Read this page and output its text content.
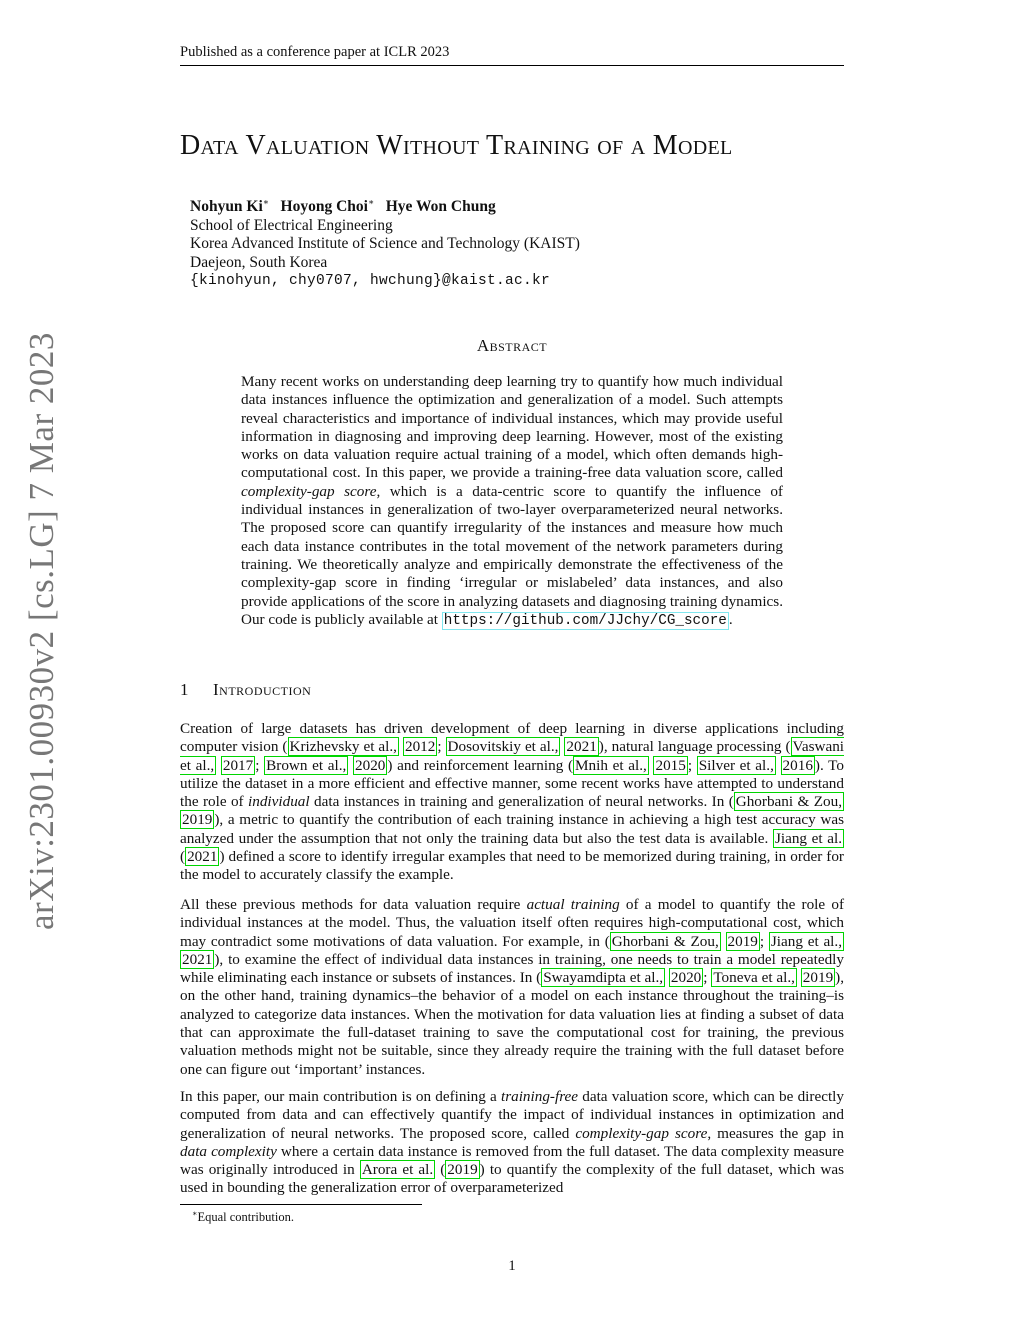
Published as a conference paper at ICLR 2023
arXiv:2301.00930v2 [cs.LG] 7 Mar 2023
Data Valuation Without Training of a Model
Nohyun Ki∗ Hoyong Choi∗ Hye Won Chung
School of Electrical Engineering
Korea Advanced Institute of Science and Technology (KAIST)
Daejeon, South Korea
{kinohyun, chy0707, hwchung}@kaist.ac.kr
Abstract
Many recent works on understanding deep learning try to quantify how much individual data instances influence the optimization and generalization of a model. Such attempts reveal characteristics and importance of individual instances, which may provide useful information in diagnosing and improving deep learning. However, most of the existing works on data valuation require actual training of a model, which often demands high-computational cost. In this paper, we provide a training-free data valuation score, called complexity-gap score, which is a data-centric score to quantify the influence of individual instances in generalization of two-layer overparameterized neural networks. The proposed score can quantify irregularity of the instances and measure how much each data instance contributes in the total movement of the network parameters during training. We theoretically analyze and empirically demonstrate the effectiveness of the complexity-gap score in finding ‘irregular or mislabeled’ data instances, and also provide applications of the score in analyzing datasets and diagnosing training dynamics. Our code is publicly available at https://github.com/JJchy/CG_score .
1 Introduction
Creation of large datasets has driven development of deep learning in diverse applications including computer vision ( Krizhevsky et al., 2012 ; Dosovitskiy et al., 2021 ), natural language processing ( Vaswani et al., 2017 ; Brown et al., 2020 ) and reinforcement learning ( Mnih et al., 2015 ; Silver et al., 2016 ). To utilize the dataset in a more efficient and effective manner, some recent works have attempted to understand the role of individual data instances in training and generalization of neural networks. In ( Ghorbani & Zou, 2019 ), a metric to quantify the contribution of each training instance in achieving a high test accuracy was analyzed under the assumption that not only the training data but also the test data is available. Jiang et al. ( 2021 ) defined a score to identify irregular examples that need to be memorized during training, in order for the model to accurately classify the example.
All these previous methods for data valuation require actual training of a model to quantify the role of individual instances at the model. Thus, the valuation itself often requires high-computational cost, which may contradict some motivations of data valuation. For example, in ( Ghorbani & Zou, 2019 ; Jiang et al., 2021 ), to examine the effect of individual data instances in training, one needs to train a model repeatedly while eliminating each instance or subsets of instances. In ( Swayamdipta et al., 2020 ; Toneva et al., 2019 ), on the other hand, training dynamics–the behavior of a model on each instance throughout the training–is analyzed to categorize data instances. When the motivation for data valuation lies at finding a subset of data that can approximate the full-dataset training to save the computational cost for training, the previous valuation methods might not be suitable, since they already require the training with the full dataset before one can figure out ‘important’ instances.
In this paper, our main contribution is on defining a training-free data valuation score, which can be directly computed from data and can effectively quantify the impact of individual instances in optimization and generalization of neural networks. The proposed score, called complexity-gap score, measures the gap in data complexity where a certain data instance is removed from the full dataset. The data complexity measure was originally introduced in Arora et al. ( 2019 ) to quantify the complexity of the full dataset, which was used in bounding the generalization error of overparameterized
∗Equal contribution.
1
